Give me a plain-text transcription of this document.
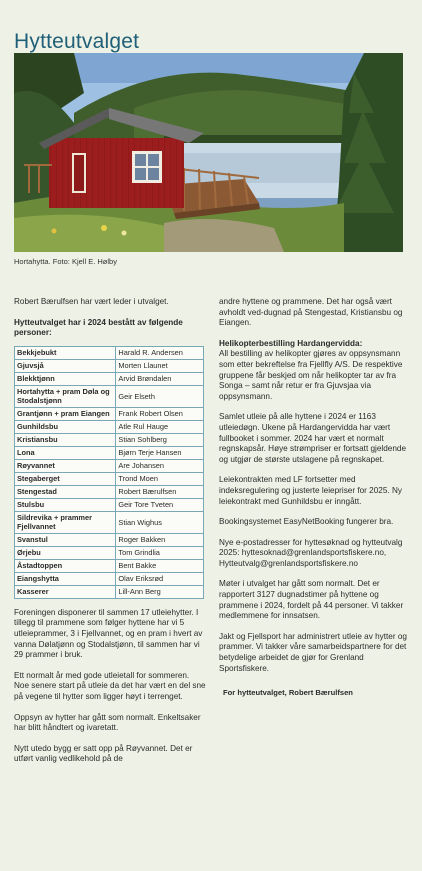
Hytteutvalget
Hortahytta. Foto: Kjell E. Hølby

Robert Bærulfsen har vært leder i utvalget.

Hytteutvalget har i 2024 bestått av følgende personer:

Bekkjebukt	Harald R. Andersen
Gjuvsjå	Morten Llaunet
Blekktjønn	Arvid Brøndalen
Hortahytta + pram Døla og Stodalstjønn	Geir Elseth
Grantjønn + pram Eiangen	Frank Robert Olsen
Gunhildsbu	Atle Rul Hauge
Kristiansbu	Stian Sohlberg
Lona	Bjørn Terje Hansen
Røyvannet	Are Johansen
Stegaberget	Trond Moen
Stengestad	Robert Bærulfsen
Stulsbu	Geir Tore Tveten
Sildrevika + prammer Fjellvannet	Stian Wighus
Svanstul	Roger Bakken
Ørjebu	Tom Grindlia
Åstadtoppen	Bent Bakke
Eiangshytta	Olav Eriksrød
Kasserer	Lill-Ann Berg

Foreningen disponerer til sammen 17 utleiehytter. I tillegg til prammene som følger hyttene har vi 5 utleieprammer, 3 i Fjellvannet, og en pram i hvert av vanna Dølatjønn og Stodalstjønn, til sammen har vi 29 prammer i bruk.

Ett normalt år med gode utleietall for sommeren. Noe senere start på utleie da det har vært en del sne på vegene til hytter som ligger høyt i terrenget.

Oppsyn av hytter har gått som normalt. Enkeltsaker har blitt håndtert og ivaretatt.

Nytt utedo bygg er satt opp på Røyvannet. Det er utført vanlig vedlikehold på de

andre hyttene og prammene. Det har også vært avholdt ved-dugnad på Stengestad, Kristiansbu og Eiangen.

Helikopterbestilling Hardangervidda:

All bestilling av helikopter gjøres av oppsynsmann som etter bekreftelse fra Fjellfly A/S. De respektive gruppene får beskjed om når helikopter tar av fra Songa – samt når retur er fra Gjuvsjaa via oppsynsmann.

Samlet utleie på alle hyttene i 2024 er 1163 utleiedøgn. Ukene på Hardangervidda har vært fullbooket i sommer. 2024 har vært et normalt regnskapsår. Høye strømpriser er fortsatt gjeldende og utgjør de største utslagene på regnskapet.

Leiekontrakten med LF fortsetter med indeksregulering og justerte leiepriser for 2025. Ny leiekontrakt med Gunhildsbu er inngått.

Bookingsystemet EasyNetBooking fungerer bra.

Nye e-postadresser for hyttesøknad og hytteutvalg 2025: hyttesoknad@grenlandsportsfiskere.no, Hytteutvalg@grenlandsportsfiskere.no

Møter i utvalget har gått som normalt. Det er rapportert 3127 dugnadstimer på hyttene og prammene i 2024, fordelt på 44 personer. Vi takker medlemmene for innsatsen.

Jakt og Fjellsport har administrert utleie av hytter og prammer. Vi takker våre samarbeidspartnere for det betydelige arbeidet de gjør for Grenland Sportsfiskere.

For hytteutvalget, Robert Bærulfsen
